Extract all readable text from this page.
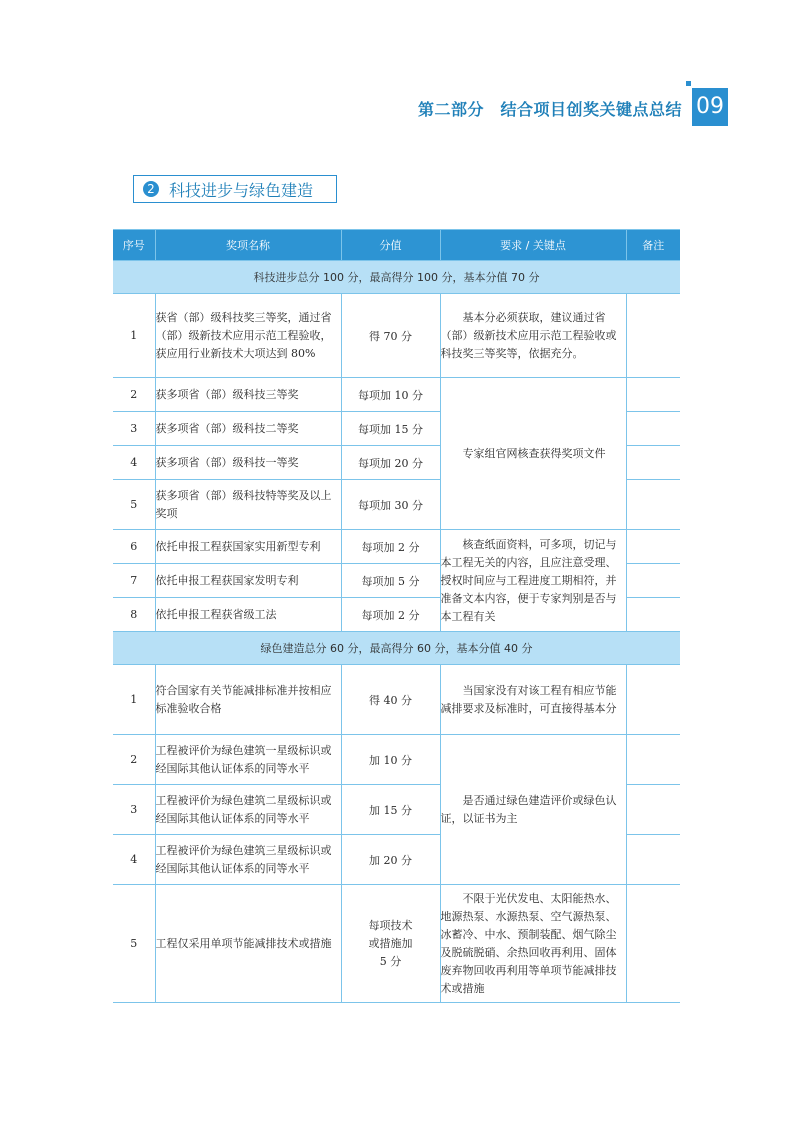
第二部分　结合项目创奖关键点总结 09
2 科技进步与绿色建造
序号	奖项名称	分值	要求 / 关键点	备注
科技进步总分 100 分，最高得分 100 分，基本分值 70 分				
1	获省（部）级科技奖三等奖，通过省（部）级新技术应用示范工程验收，获应用行业新技术大项达到 80%	得 70 分	基本分必须获取，建议通过省（部）级新技术应用示范工程验收或科技奖三等奖等，依据充分。	

2	获多项省（部）级科技三等奖	每项加 10 分	专家组官网核查获得奖项文件	

3	获多项省（部）级科技二等奖	每项加 15 分		
4	获多项省（部）级科技一等奖	每项加 20 分		
5	获多项省（部）级科技特等奖及以上奖项	每项加 30 分		
6	依托申报工程获国家实用新型专利	每项加 2 分	核查纸面资料，可多项，切记与本工程无关的内容，且应注意受理、授权时间应与工程进度工期相符，并准备文本内容，便于专家判别是否与本工程有关	

7	依托申报工程获国家发明专利	每项加 5 分		
8	依托申报工程获省级工法	每项加 2 分		
绿色建造总分 60 分，最高得分 60 分，基本分值 40 分				
1	符合国家有关节能减排标准并按相应标准验收合格	得 40 分	当国家没有对该工程有相应节能减排要求及标准时，可直接得基本分	

2	工程被评价为绿色建筑一星级标识或经国际其他认证体系的同等水平	加 10 分	是否通过绿色建造评价或绿色认证，以证书为主	

3	工程被评价为绿色建筑二星级标识或经国际其他认证体系的同等水平	加 15 分		
4	工程被评价为绿色建筑三星级标识或经国际其他认证体系的同等水平	加 20 分		
5	工程仅采用单项节能减排技术或措施	每项技术或措施加 5 分	不限于光伏发电、太阳能热水、地源热泵、水源热泵、空气源热泵、冰蓄冷、中水、预制装配、烟气除尘及脱硫脱硝、余热回收再利用、固体废弃物回收再利用等单项节能减排技术或措施	
